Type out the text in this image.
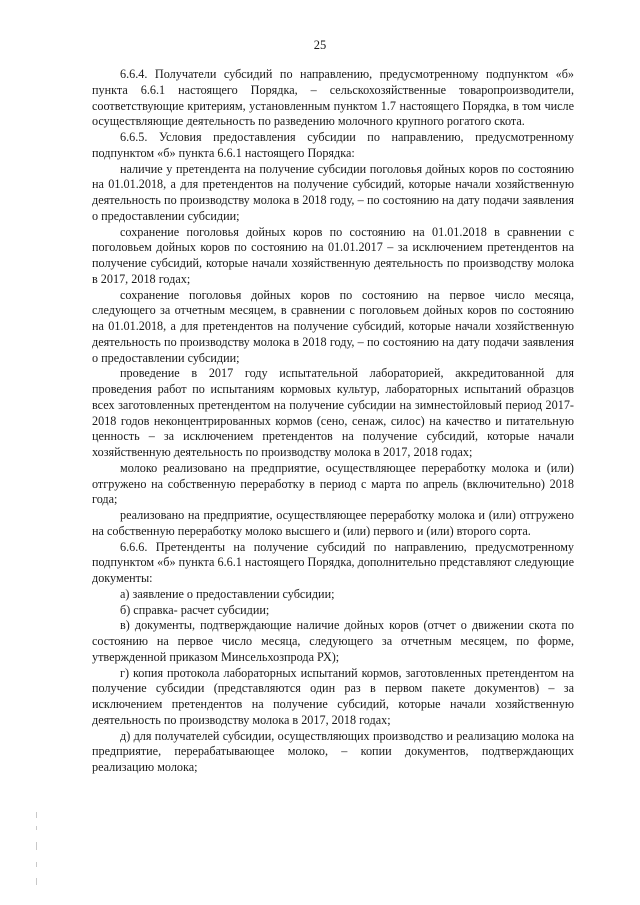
25

6.6.4. Получатели субсидий по направлению, предусмотренному подпунктом «б» пункта 6.6.1 настоящего Порядка, – сельскохозяйственные товаропроизводители, соответствующие критериям, установленным пунктом 1.7 настоящего Порядка, в том числе осуществляющие деятельность по разведению молочного крупного рогатого скота.

6.6.5. Условия предоставления субсидии по направлению, предусмотренному подпунктом «б» пункта 6.6.1 настоящего Порядка:

наличие у претендента на получение субсидии поголовья дойных коров по состоянию на 01.01.2018, а для претендентов на получение субсидий, которые начали хозяйственную деятельность по производству молока в 2018 году, – по состоянию на дату подачи заявления о предоставлении субсидии;

сохранение поголовья дойных коров по состоянию на 01.01.2018 в сравнении с поголовьем дойных коров по состоянию на 01.01.2017 – за исключением претендентов на получение субсидий, которые начали хозяйственную деятельность по производству молока в 2017, 2018 годах;

сохранение поголовья дойных коров по состоянию на первое число месяца, следующего за отчетным месяцем, в сравнении с поголовьем дойных коров по состоянию на 01.01.2018, а для претендентов на получение субсидий, которые начали хозяйственную деятельность по производству молока в 2018 году, – по состоянию на дату подачи заявления о предоставлении субсидии;

проведение в 2017 году испытательной лабораторией, аккредитованной для проведения работ по испытаниям кормовых культур, лабораторных испытаний образцов всех заготовленных претендентом на получение субсидии на зимнестойловый период 2017-2018 годов неконцентрированных кормов (сено, сенаж, силос) на качество и питательную ценность – за исключением претендентов на получение субсидий, которые начали хозяйственную деятельность по производству молока в 2017, 2018 годах;

молоко реализовано на предприятие, осуществляющее переработку молока и (или) отгружено на собственную переработку в период с марта по апрель (включительно) 2018 года;

реализовано на предприятие, осуществляющее переработку молока и (или) отгружено на собственную переработку молоко высшего и (или) первого и (или) второго сорта.

6.6.6. Претенденты на получение субсидий по направлению, предусмотренному подпунктом «б» пункта 6.6.1 настоящего Порядка, дополнительно представляют следующие документы:

а) заявление о предоставлении субсидии;

б) справка- расчет субсидии;

в) документы, подтверждающие наличие дойных коров (отчет о движении скота по состоянию на первое число месяца, следующего за отчетным месяцем, по форме, утвержденной приказом Минсельхозпрода РХ);

г) копия протокола лабораторных испытаний кормов, заготовленных претендентом на получение субсидии (представляются один раз в первом пакете документов) – за исключением претендентов на получение субсидий, которые начали хозяйственную деятельность по производству молока в 2017, 2018 годах;

д) для получателей субсидии, осуществляющих производство и реализацию молока на предприятие, перерабатывающее молоко, – копии документов, подтверждающих реализацию молока;
